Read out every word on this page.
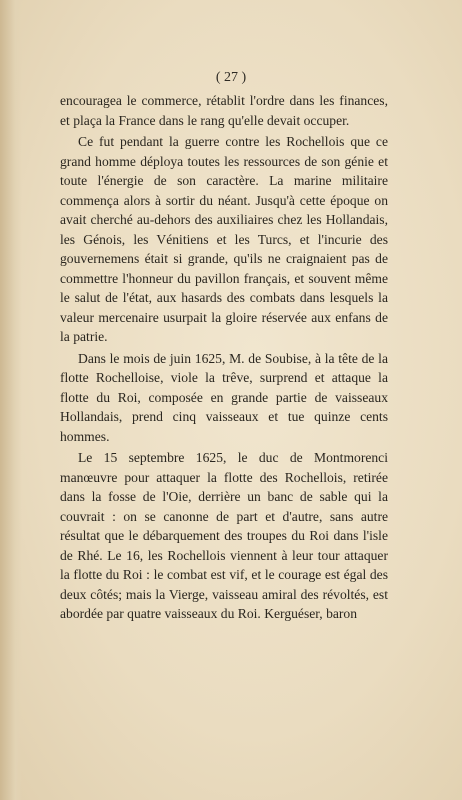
( 27 )

encouragea le commerce, rétablit l'ordre dans les finances, et plaça la France dans le rang qu'elle devait occuper.

Ce fut pendant la guerre contre les Rochellois que ce grand homme déploya toutes les ressources de son génie et toute l'énergie de son caractère. La marine militaire commença alors à sortir du néant. Jusqu'à cette époque on avait cherché au-dehors des auxiliaires chez les Hollandais, les Génois, les Vénitiens et les Turcs, et l'incurie des gouvernemens était si grande, qu'ils ne craignaient pas de commettre l'honneur du pavillon français, et souvent même le salut de l'état, aux hasards des combats dans lesquels la valeur mercenaire usurpait la gloire réservée aux enfans de la patrie.

Dans le mois de juin 1625, M. de Soubise, à la tête de la flotte Rochelloise, viole la trêve, surprend et attaque la flotte du Roi, composée en grande partie de vaisseaux Hollandais, prend cinq vaisseaux et tue quinze cents hommes.

Le 15 septembre 1625, le duc de Montmorenci manœuvre pour attaquer la flotte des Rochellois, retirée dans la fosse de l'Oie, derrière un banc de sable qui la couvrait : on se canonne de part et d'autre, sans autre résultat que le débarquement des troupes du Roi dans l'isle de Rhé. Le 16, les Rochellois viennent à leur tour attaquer la flotte du Roi : le combat est vif, et le courage est égal des deux côtés; mais la Vierge, vaisseau amiral des révoltés, est abordée par quatre vaisseaux du Roi. Kerguéser, baron
